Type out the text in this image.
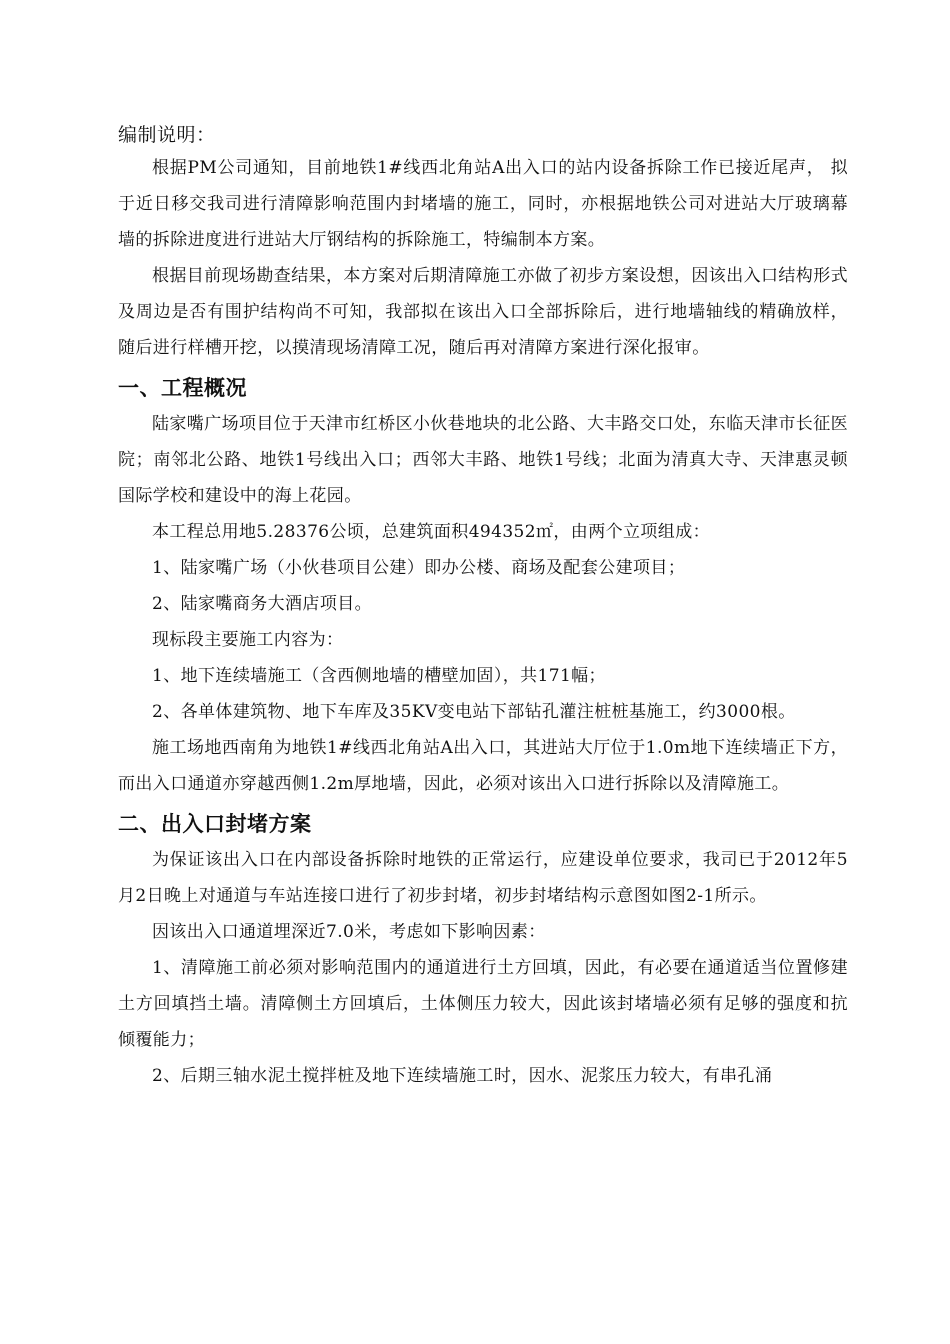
编制说明：

根据PM公司通知，目前地铁1#线西北角站A出入口的站内设备拆除工作已接近尾声， 拟于近日移交我司进行清障影响范围内封堵墙的施工，同时，亦根据地铁公司对进站大厅玻璃幕墙的拆除进度进行进站大厅钢结构的拆除施工，特编制本方案。

根据目前现场勘查结果，本方案对后期清障施工亦做了初步方案设想，因该出入口结构形式及周边是否有围护结构尚不可知，我部拟在该出入口全部拆除后，进行地墙轴线的精确放样，随后进行样槽开挖，以摸清现场清障工况，随后再对清障方案进行深化报审。

一、工程概况

陆家嘴广场项目位于天津市红桥区小伙巷地块的北公路、大丰路交口处，东临天津市长征医院；南邻北公路、地铁1号线出入口；西邻大丰路、地铁1号线；北面为清真大寺、天津惠灵顿国际学校和建设中的海上花园。

本工程总用地5.28376公顷，总建筑面积494352㎡，由两个立项组成：

1、陆家嘴广场（小伙巷项目公建）即办公楼、商场及配套公建项目；

2、陆家嘴商务大酒店项目。

现标段主要施工内容为：

1、地下连续墙施工（含西侧地墙的槽壁加固），共171幅；

2、各单体建筑物、地下车库及35KV变电站下部钻孔灌注桩桩基施工，约3000根。

施工场地西南角为地铁1#线西北角站A出入口，其进站大厅位于1.0m地下连续墙正下方，而出入口通道亦穿越西侧1.2m厚地墙，因此，必须对该出入口进行拆除以及清障施工。

二、出入口封堵方案

为保证该出入口在内部设备拆除时地铁的正常运行，应建设单位要求，我司已于2012年5月2日晚上对通道与车站连接口进行了初步封堵，初步封堵结构示意图如图2-1所示。

因该出入口通道埋深近7.0米，考虑如下影响因素：

1、清障施工前必须对影响范围内的通道进行土方回填，因此，有必要在通道适当位置修建土方回填挡土墙。清障侧土方回填后，土体侧压力较大，因此该封堵墙必须有足够的强度和抗倾覆能力；

2、后期三轴水泥土搅拌桩及地下连续墙施工时，因水、泥浆压力较大，有串孔涌
